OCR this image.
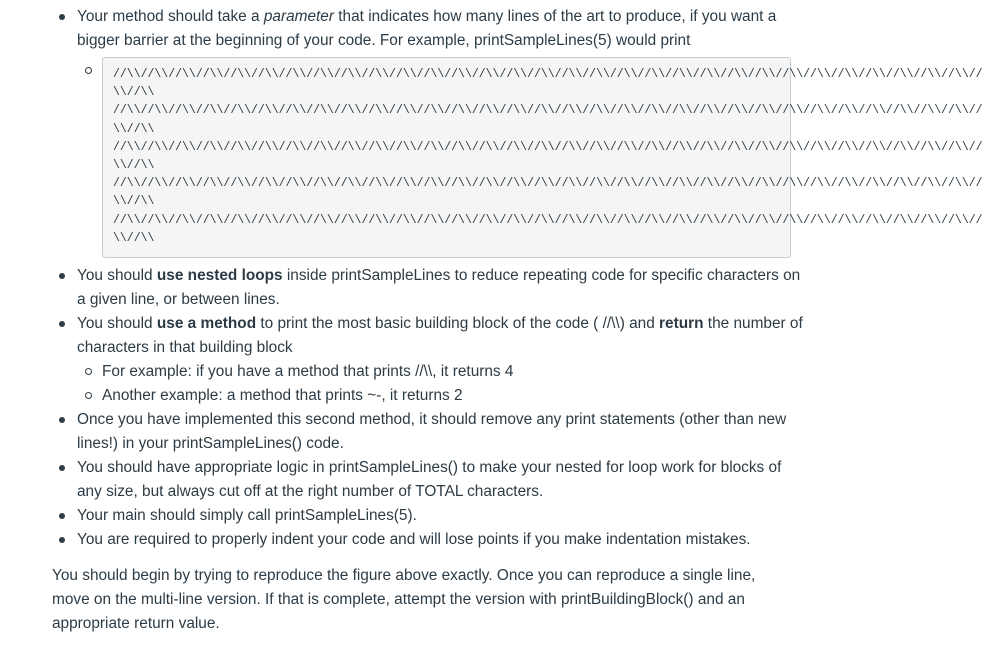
Your method should take a parameter that indicates how many lines of the art to produce, if you want a bigger barrier at the beginning of your code. For example, printSampleLines(5) would print
//\\//\\//\\//\\//\\//\\//\\//\\//\\//\\//\\//\\//\\//\\//\\//\\//\\//\\//\\//\\//\\//\\//\\//\\//\\//\\//\\//\\//\\//\\//\\//
\\//\\
//\\//\\//\\//\\//\\//\\//\\//\\//\\//\\//\\//\\//\\//\\//\\//\\//\\//\\//\\//\\//\\//\\//\\//\\//\\//\\//\\//\\//\\//\\//\\//
\\//\\
//\\//\\//\\//\\//\\//\\//\\//\\//\\//\\//\\//\\//\\//\\//\\//\\//\\//\\//\\//\\//\\//\\//\\//\\//\\//\\//\\//\\//\\//\\//\\//
\\//\\
//\\//\\//\\//\\//\\//\\//\\//\\//\\//\\//\\//\\//\\//\\//\\//\\//\\//\\//\\//\\//\\//\\//\\//\\//\\//\\//\\//\\//\\//\\//\\//
\\//\\
//\\//\\//\\//\\//\\//\\//\\//\\//\\//\\//\\//\\//\\//\\//\\//\\//\\//\\//\\//\\//\\//\\//\\//\\//\\//\\//\\//\\//\\//\\//\\//
\\//\\
You should use nested loops inside printSampleLines to reduce repeating code for specific characters on a given line, or between lines.
You should use a method to print the most basic building block of the code ( //\\) and return the number of characters in that building block
For example: if you have a method that prints //\\, it returns 4
Another example: a method that prints ~-, it returns 2
Once you have implemented this second method, it should remove any print statements (other than new lines!) in your printSampleLines() code.
You should have appropriate logic in printSampleLines() to make your nested for loop work for blocks of any size, but always cut off at the right number of TOTAL characters.
Your main should simply call printSampleLines(5).
You are required to properly indent your code and will lose points if you make indentation mistakes.

You should begin by trying to reproduce the figure above exactly. Once you can reproduce a single line, move on the multi-line version. If that is complete, attempt the version with printBuildingBlock() and an appropriate return value.
